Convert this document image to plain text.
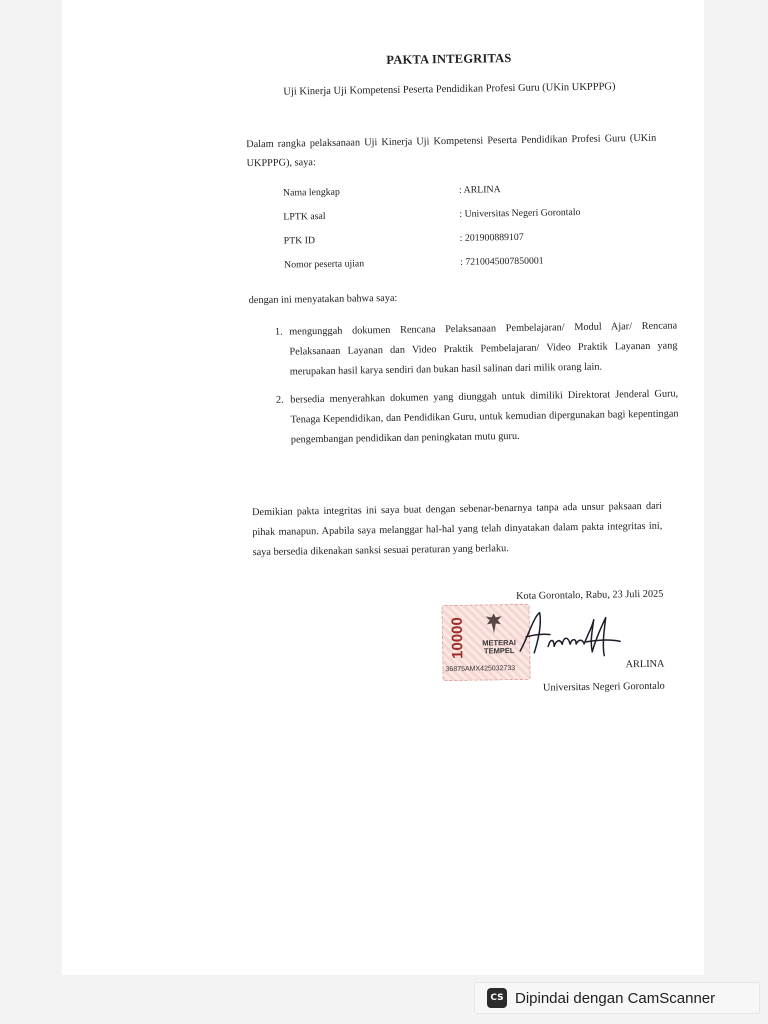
PAKTA INTEGRITAS

Uji Kinerja Uji Kompetensi Peserta Pendidikan Profesi Guru (UKin UKPPPG)

Dalam rangka pelaksanaan Uji Kinerja Uji Kompetensi Peserta Pendidikan Profesi Guru (UKin UKPPPG), saya:

Nama lengkap	: ARLINA
LPTK asal	: Universitas Negeri Gorontalo
PTK ID	: 201900889107
Nomor peserta ujian	: 7210045007850001

dengan ini menyatakan bahwa saya:

1. mengunggah dokumen Rencana Pelaksanaan Pembelajaran/ Modul Ajar/ Rencana Pelaksanaan Layanan dan Video Praktik Pembelajaran/ Video Praktik Layanan yang merupakan hasil karya sendiri dan bukan hasil salinan dari milik orang lain.
2. bersedia menyerahkan dokumen yang diunggah untuk dimiliki Direktorat Jenderal Guru, Tenaga Kependidikan, dan Pendidikan Guru, untuk kemudian dipergunakan bagi kepentingan pengembangan pendidikan dan peningkatan mutu guru.

Demikian pakta integritas ini saya buat dengan sebenar-benarnya tanpa ada unsur paksaan dari pihak manapun. Apabila saya melanggar hal-hal yang telah dinyatakan dalam pakta integritas ini, saya bersedia dikenakan sanksi sesuai peraturan yang berlaku.

Kota Gorontalo, Rabu, 23 Juli 2025

10000	METERAI TEMPEL
36875AMX425032733	ARLINA

Universitas Negeri Gorontalo

CS Dipindai dengan CamScanner
